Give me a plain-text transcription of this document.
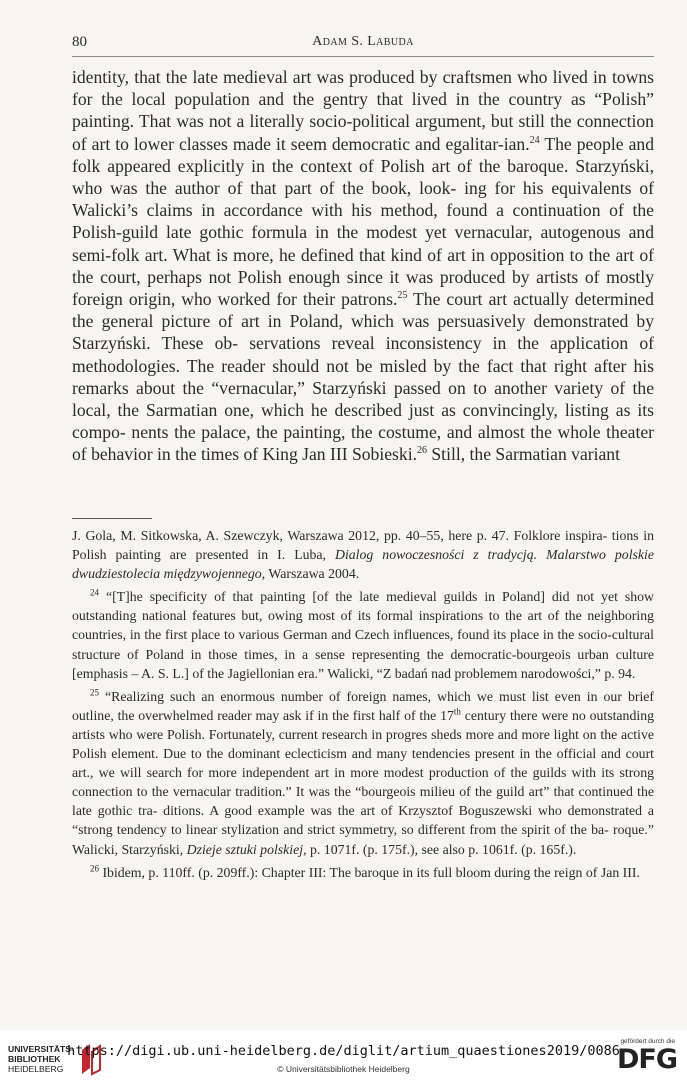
80	Adam S. Labuda

identity, that the late medieval art was produced by craftsmen who lived in towns for the local population and the gentry that lived in the country as “Polish” painting. That was not a literally socio-political argument, but still the connection of art to lower classes made it seem democratic and egalitar-ian.$^{24}$ The people and folk appeared explicitly in the context of Polish art of the baroque. Starzyński, who was the author of that part of the book, look- ing for his equivalents of Walicki’s claims in accordance with his method, found a continuation of the Polish-guild late gothic formula in the modest yet vernacular, autogenous and semi-folk art. What is more, he defined that kind of art in opposition to the art of the court, perhaps not Polish enough since it was produced by artists of mostly foreign origin, who worked for their patrons.$^{25}$ The court art actually determined the general picture of art in Poland, which was persuasively demonstrated by Starzyński. These ob- servations reveal inconsistency in the application of methodologies. The reader should not be misled by the fact that right after his remarks about the “vernacular,” Starzyński passed on to another variety of the local, the Sarmatian one, which he described just as convincingly, listing as its compo- nents the palace, the painting, the costume, and almost the whole theater of behavior in the times of King Jan III Sobieski.$^{26}$ Still, the Sarmatian variant

J. Gola, M. Sitkowska, A. Szewczyk, Warszawa 2012, pp. 40–55, here p. 47. Folklore inspira- tions in Polish painting are presented in I. Luba, Dialog nowoczesności z tradycją. Malarstwo polskie dwudziestolecia międzywojennego, Warszawa 2004.

$^{24}$ “[T]he specificity of that painting [of the late medieval guilds in Poland] did not yet show outstanding national features but, owing most of its formal inspirations to the art of the neighboring countries, in the first place to various German and Czech influences, found its place in the socio-cultural structure of Poland in those times, in a sense representing the democratic-bourgeois urban culture [emphasis – A. S. L.] of the Jagiellonian era.” Walicki, “Z badań nad problemem narodowości,” p. 94.

$^{25}$ “Realizing such an enormous number of foreign names, which we must list even in our brief outline, the overwhelmed reader may ask if in the first half of the 17th century there were no outstanding artists who were Polish. Fortunately, current research in progres sheds more and more light on the active Polish element. Due to the dominant eclecticism and many tendencies present in the official and court art., we will search for more independent art in more modest production of the guilds with its strong connection to the vernacular tradition.” It was the “bourgeois milieu of the guild art” that continued the late gothic tra- ditions. A good example was the art of Krzysztof Boguszewski who demonstrated a “strong tendency to linear stylization and strict symmetry, so different from the spirit of the ba- roque.” Walicki, Starzyński, Dzieje sztuki polskiej, p. 1071f. (p. 175f.), see also p. 1061f. (p. 165f.).

$^{26}$ Ibidem, p. 110ff. (p. 209ff.): Chapter III: The baroque in its full bloom during the reign of Jan III.

UNIVERSITÄTS-
BIBLIOTHEK
HEIDELBERG
https://digi.ub.uni-heidelberg.de/diglit/artium_quaestiones2019/0086
© Universitätsbibliothek Heidelberg
gefördert durch die
DFG
